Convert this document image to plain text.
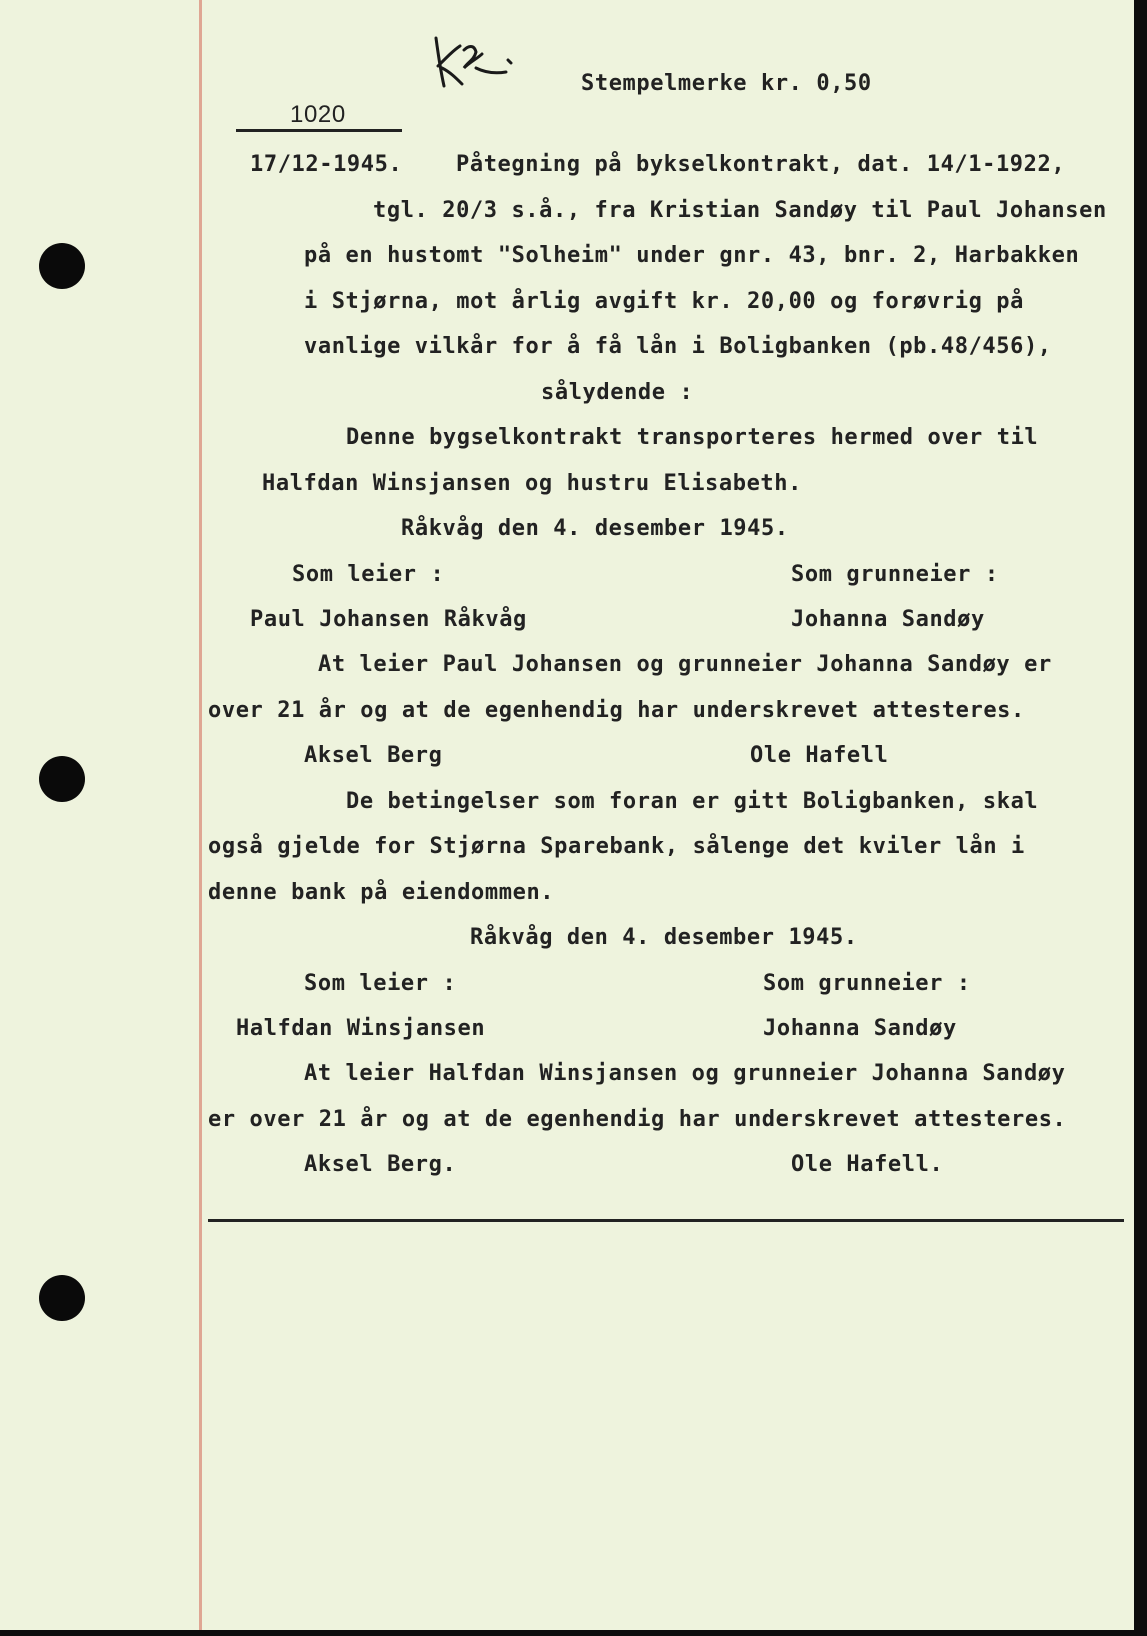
1020
Stempelmerke kr. 0,50
17/12-1945. Påtegning på bykselkontrakt, dat. 14/1-1922,
tgl. 20/3 s.å., fra Kristian Sandøy til Paul Johansen
på en hustomt "Solheim" under gnr. 43, bnr. 2, Harbakken
i Stjørna, mot årlig avgift kr. 20,00 og forøvrig på
vanlige vilkår for å få lån i Boligbanken (pb.48/456),
sålydende :
Denne bygselkontrakt transporteres hermed over til
Halfdan Winsjansen og hustru Elisabeth.
Råkvåg den 4. desember 1945.
Som leier :	Som grunneier :
Paul Johansen Råkvåg	Johanna Sandøy
At leier Paul Johansen og grunneier Johanna Sandøy er
over 21 år og at de egenhendig har underskrevet attesteres.
Aksel Berg	Ole Hafell
De betingelser som foran er gitt Boligbanken, skal
også gjelde for Stjørna Sparebank, sålenge det kviler lån i
denne bank på eiendommen.
Råkvåg den 4. desember 1945.
Som leier :	Som grunneier :
Halfdan Winsjansen	Johanna Sandøy
At leier Halfdan Winsjansen og grunneier Johanna Sandøy
er over 21 år og at de egenhendig har underskrevet attesteres.
Aksel Berg.	Ole Hafell.
